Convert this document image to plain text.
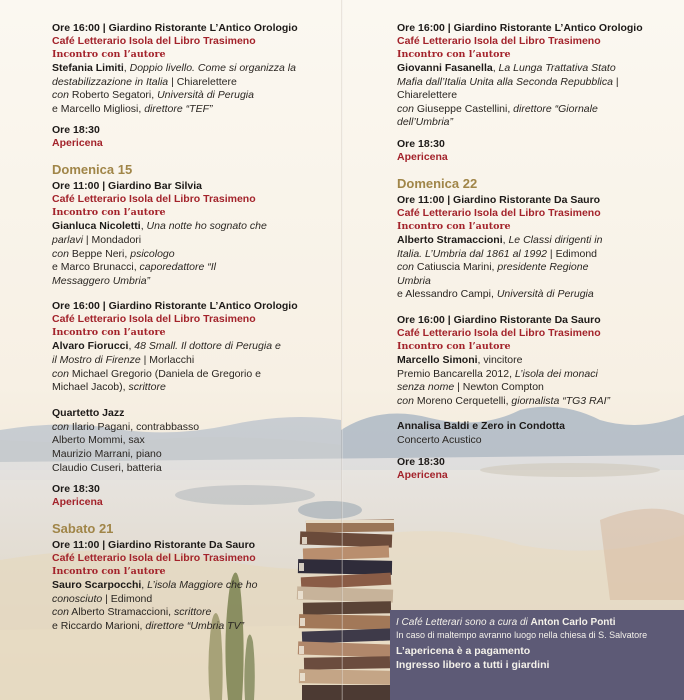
Ore 16:00 | Giardino Ristorante L’Antico Orologio
Café Letterario Isola del Libro Trasimeno
Incontro con l’autore
Stefania Limiti, Doppio livello. Come si organizza la destabilizzazione in Italia | Chiarelettere
con Roberto Segatori, Università di Perugia
e Marcello Migliosi, direttore “TEF”
Ore 18:30
Apericena
Domenica 15
Ore 11:00 | Giardino Bar Silvia
Café Letterario Isola del Libro Trasimeno
Incontro con l’autore
Gianluca Nicoletti, Una notte ho sognato che parlavi | Mondadori
con Beppe Neri, psicologo
e Marco Brunacci, caporedattore “Il Messaggero Umbria”
Ore 16:00 | Giardino Ristorante L’Antico Orologio
Café Letterario Isola del Libro Trasimeno
Incontro con l’autore
Alvaro Fiorucci, 48 Small. Il dottore di Perugia e il Mostro di Firenze | Morlacchi
con Michael Gregorio (Daniela de Gregorio e Michael Jacob), scrittore
Quartetto Jazz
con Ilario Pagani, contrabbasso
Alberto Mommi, sax
Maurizio Marrani, piano
Claudio Cuseri, batteria
Ore 18:30
Apericena
Sabato 21
Ore 11:00 | Giardino Ristorante Da Sauro
Café Letterario Isola del Libro Trasimeno
Incontro con l’autore
Sauro Scarpocchi, L’isola Maggiore che ho conosciuto | Edimond
con Alberto Stramaccioni, scrittore
e Riccardo Marioni, direttore “Umbria TV”
Ore 16:00 | Giardino Ristorante L’Antico Orologio
Café Letterario Isola del Libro Trasimeno
Incontro con l’autore
Giovanni Fasanella, La Lunga Trattativa Stato Mafia dall’Italia Unita alla Seconda Repubblica | Chiarelettere
con Giuseppe Castellini, direttore “Giornale dell’Umbria”
Ore 18:30
Apericena
Domenica 22
Ore 11:00 | Giardino Ristorante Da Sauro
Café Letterario Isola del Libro Trasimeno
Incontro con l’autore
Alberto Stramaccioni, Le Classi dirigenti in Italia. L’Umbria dal 1861 al 1992 | Edimond
con Catiuscia Marini, presidente Regione Umbria
e Alessandro Campi, Università di Perugia
Ore 16:00 | Giardino Ristorante Da Sauro
Café Letterario Isola del Libro Trasimeno
Incontro con l’autore
Marcello Simoni, vincitore
Premio Bancarella 2012, L’isola dei monaci senza nome | Newton Compton
con Moreno Cerquetelli, giornalista “TG3 RAI”
Annalisa Baldi e Zero in Condotta
Concerto Acustico
Ore 18:30
Apericena
I Café Letterari sono a cura di Anton Carlo Ponti
In caso di maltempo avranno luogo nella chiesa di S. Salvatore
L’apericena è a pagamento
Ingresso libero a tutti i giardini
